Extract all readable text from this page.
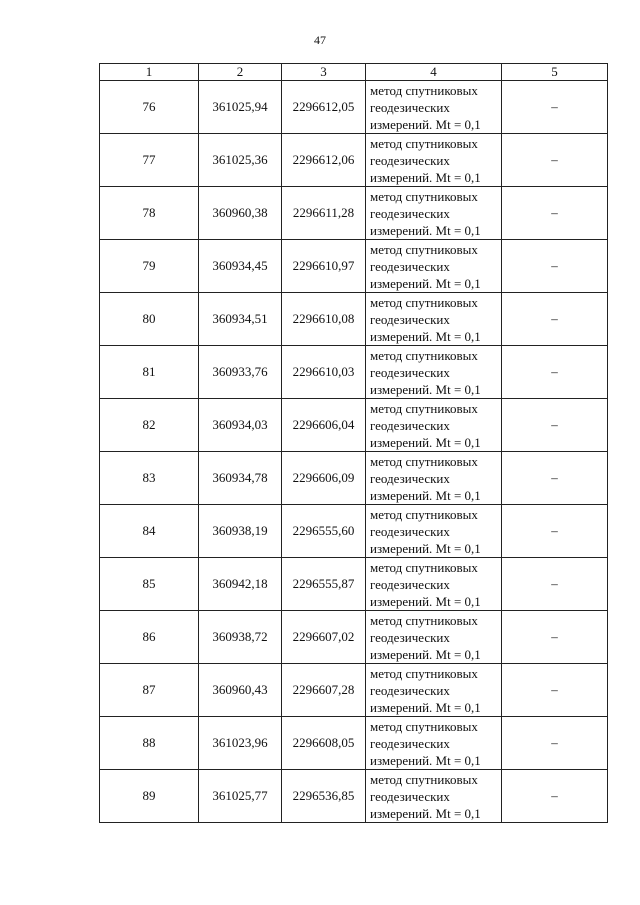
47
1	2	3	4	5
76	361025,94	2296612,05	метод спутниковых
геодезических
измерений. Mt = 0,1	–
77	361025,36	2296612,06	метод спутниковых
геодезических
измерений. Mt = 0,1	–
78	360960,38	2296611,28	метод спутниковых
геодезических
измерений. Mt = 0,1	–
79	360934,45	2296610,97	метод спутниковых
геодезических
измерений. Mt = 0,1	–
80	360934,51	2296610,08	метод спутниковых
геодезических
измерений. Mt = 0,1	–
81	360933,76	2296610,03	метод спутниковых
геодезических
измерений. Mt = 0,1	–
82	360934,03	2296606,04	метод спутниковых
геодезических
измерений. Mt = 0,1	–
83	360934,78	2296606,09	метод спутниковых
геодезических
измерений. Mt = 0,1	–
84	360938,19	2296555,60	метод спутниковых
геодезических
измерений. Mt = 0,1	–
85	360942,18	2296555,87	метод спутниковых
геодезических
измерений. Mt = 0,1	–
86	360938,72	2296607,02	метод спутниковых
геодезических
измерений. Mt = 0,1	–
87	360960,43	2296607,28	метод спутниковых
геодезических
измерений. Mt = 0,1	–
88	361023,96	2296608,05	метод спутниковых
геодезических
измерений. Mt = 0,1	–
89	361025,77	2296536,85	метод спутниковых
геодезических
измерений. Mt = 0,1	–
